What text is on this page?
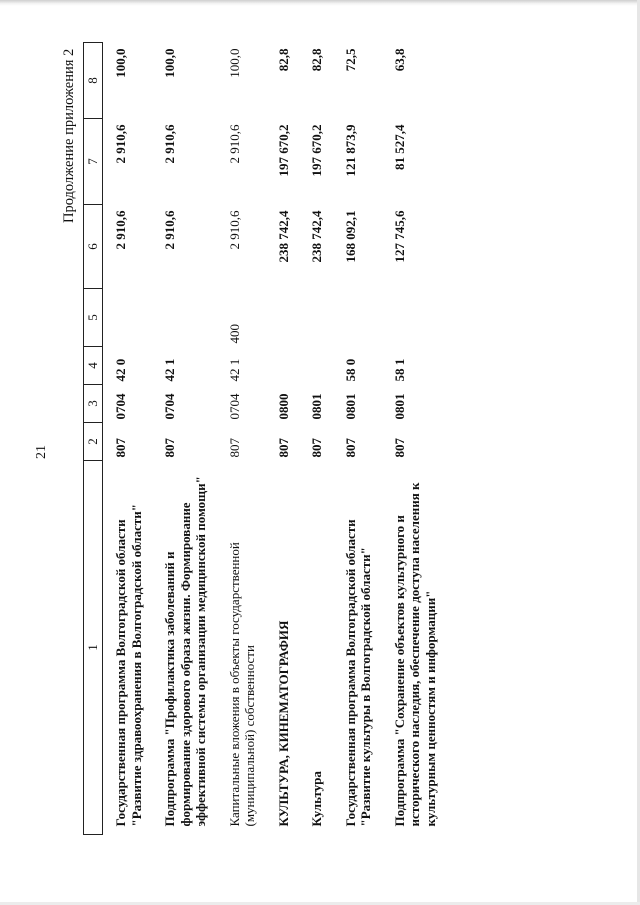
21
Продолжение приложения 2
1	2	3	4	5	6	7	8
Государственная программа Волгоградской области "Развитие здравоохранения в Волгоградской области"	807	0704	42 0		2 910,6	2 910,6	100,0
Подпрограмма "Профилактика заболеваний и формирование здорового образа жизни. Формирование эффективной системы организации медицинской помощи"	807	0704	42 1		2 910,6	2 910,6	100,0
Капитальные вложения в объекты государственной (муниципальной) собственности	807	0704	42 1	400	2 910,6	2 910,6	100,0
КУЛЬТУРА, КИНЕМАТОГРАФИЯ	807	0800			238 742,4	197 670,2	82,8
Культура	807	0801			238 742,4	197 670,2	82,8
Государственная программа Волгоградской области "Развитие культуры в Волгоградской области"	807	0801	58 0		168 092,1	121 873,9	72,5
Подпрограмма "Сохранение объектов культурного и исторического наследия, обеспечение доступа населения к культурным ценностям и информации"	807	0801	58 1		127 745,6	81 527,4	63,8
